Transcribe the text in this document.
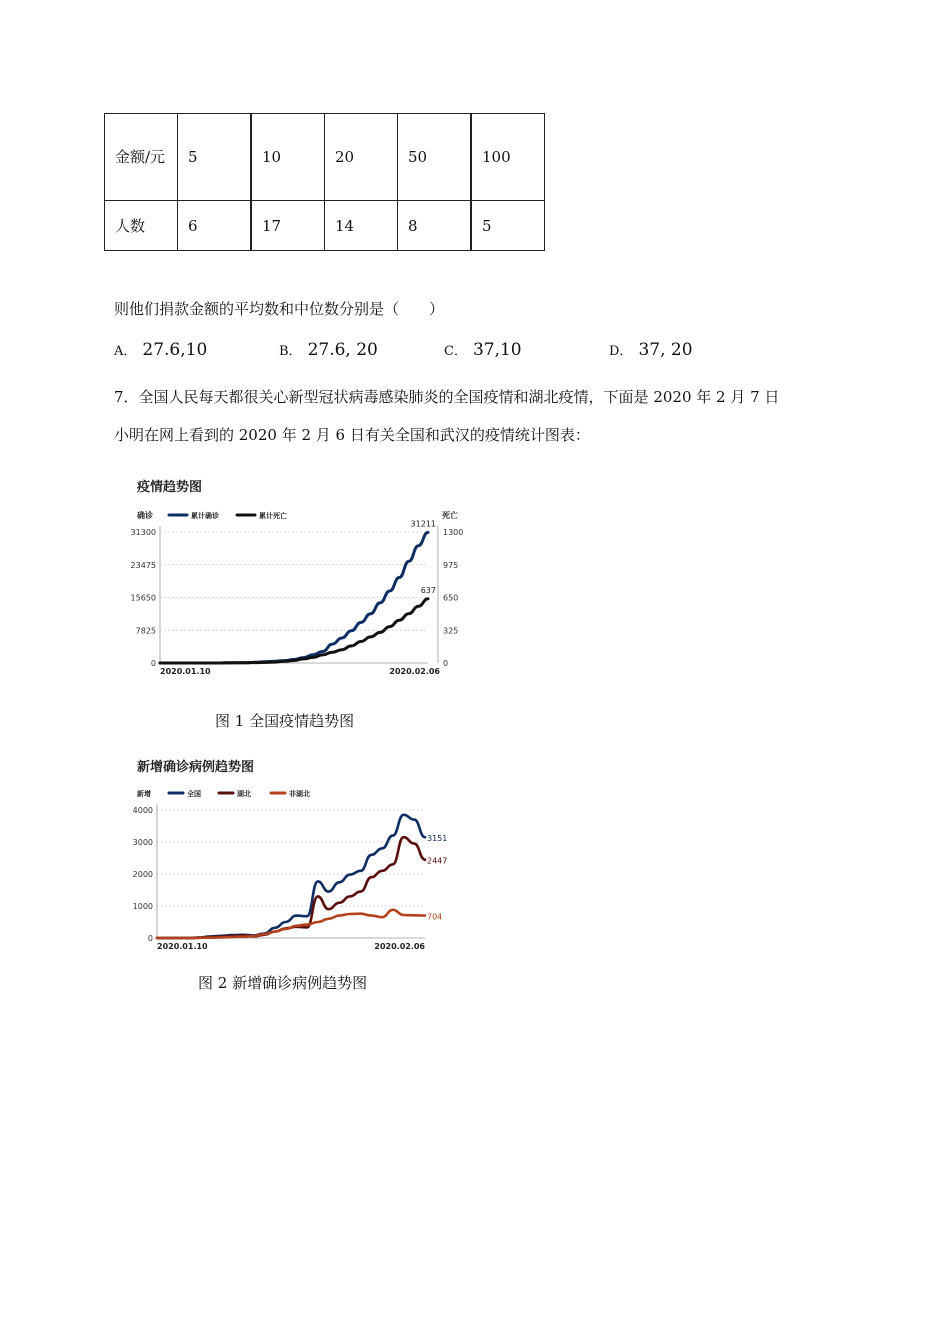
金额/元	5	10	20	50	100
人数	6	17	14	8	5
则他们捐款金额的平均数和中位数分别是（　　）
A． 27.6,10	B． 27.6, 20	C． 37,10	D． 37, 20
7．全国人民每天都很关心新型冠状病毒感染肺炎的全国疫情和湖北疫情，下面是 2020 年 2 月 7 日
小明在网上看到的 2020 年 2 月 6 日有关全国和武汉的疫情统计图表：
疫情趋势图
确诊	累计确诊	累计死亡	死亡
31300	1300
23475	975
15650	650
7825	325
0	0
2020.01.10	2020.02.06
31211
637
图 1 全国疫情趋势图
新增确诊病例趋势图
新增	全国	湖北	非湖北
4000
3000
2000
1000
0
2020.01.10	2020.02.06
3151
2447
704
图 2 新增确诊病例趋势图
